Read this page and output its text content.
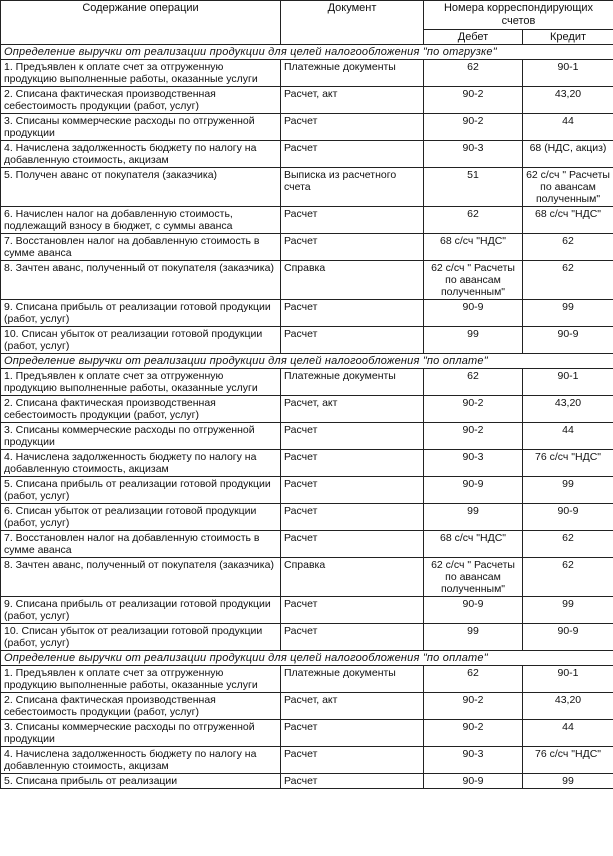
Содержание операции	Документ	Номера корреспондирующих счетов	
		Дебет	Кредит
Определение выручки от реализации продукции для целей налогообложения "по отгрузке"			
1. Предъявлен к оплате счет за отгруженную продукцию выполненные работы, оказанные услуги	Платежные документы	62	90-1
2. Списана фактическая производственная себестоимость продукции (работ, услуг)	Расчет, акт	90-2	43,20
3. Списаны коммерческие расходы по отгруженной продукции	Расчет	90-2	44
4. Начислена задолженность бюджету по налогу на добавленную стоимость, акцизам	Расчет	90-3	68 (НДС, акциз)
5. Получен аванс от покупателя (заказчика)	Выписка из расчетного счета	51	62 с/сч " Расчеты по авансам полученным"
6. Начислен налог на добавленную стоимость, подлежащий взносу в бюджет, с суммы аванса	Расчет	62	68 с/сч "НДС"
7. Восстановлен налог на добавленную стоимость в сумме аванса	Расчет	68 с/сч "НДС"	62
8. Зачтен аванс, полученный от покупателя (заказчика)	Справка	62 с/сч " Расчеты по авансам полученным"	62
9. Списана прибыль от реализации готовой продукции (работ, услуг)	Расчет	90-9	99
10. Списан убыток от реализации готовой продукции (работ, услуг)	Расчет	99	90-9
Определение выручки от реализации продукции для целей налогообложения "по оплате"			
1. Предъявлен к оплате счет за отгруженную продукцию выполненные работы, оказанные услуги	Платежные документы	62	90-1
2. Списана фактическая производственная себестоимость продукции (работ, услуг)	Расчет, акт	90-2	43,20
3. Списаны коммерческие расходы по отгруженной продукции	Расчет	90-2	44
4. Начислена задолженность бюджету по налогу на добавленную стоимость, акцизам	Расчет	90-3	76 с/сч "НДС"
5. Списана прибыль от реализации готовой продукции (работ, услуг)	Расчет	90-9	99
6. Списан убыток от реализации готовой продукции (работ, услуг)	Расчет	99	90-9
7. Восстановлен налог на добавленную стоимость в сумме аванса	Расчет	68 с/сч "НДС"	62
8. Зачтен аванс, полученный от покупателя (заказчика)	Справка	62 с/сч " Расчеты по авансам полученным"	62
9. Списана прибыль от реализации готовой продукции (работ, услуг)	Расчет	90-9	99
10. Списан убыток от реализации готовой продукции (работ, услуг)	Расчет	99	90-9
Определение выручки от реализации продукции для целей налогообложения "по оплате"			
1. Предъявлен к оплате счет за отгруженную продукцию выполненные работы, оказанные услуги	Платежные документы	62	90-1
2. Списана фактическая производственная себестоимость продукции (работ, услуг)	Расчет, акт	90-2	43,20
3. Списаны коммерческие расходы по отгруженной продукции	Расчет	90-2	44
4. Начислена задолженность бюджету по налогу на добавленную стоимость, акцизам	Расчет	90-3	76 с/сч "НДС"
5. Списана прибыль от реализации	Расчет	90-9	99
